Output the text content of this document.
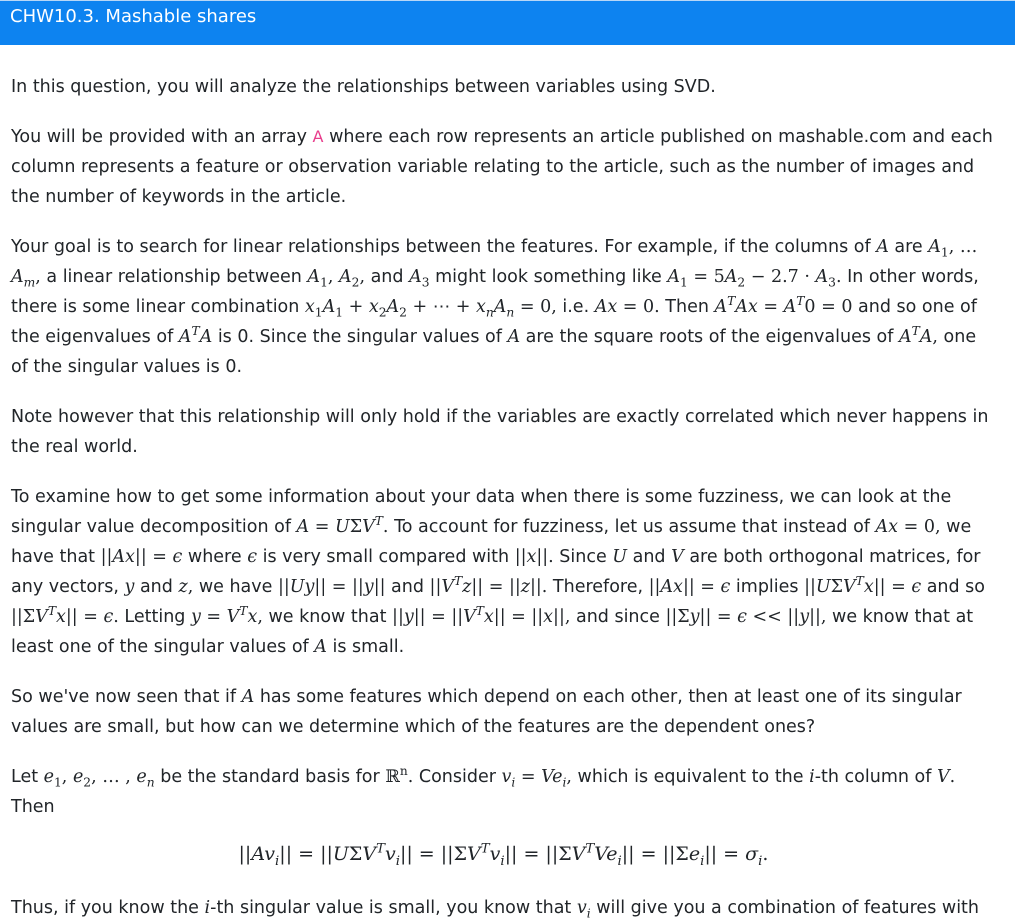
CHW10.3. Mashable shares
In this question, you will analyze the relationships between variables using SVD.
You will be provided with an array A where each row represents an article published on mashable.com and each column represents a feature or observation variable relating to the article, such as the number of images and the number of keywords in the article.
Your goal is to search for linear relationships between the features. For example, if the columns of A are $A_1$, … $A_m$, a linear relationship between $A_1$, $A_2$, and $A_3$ might look something like $A_1 = 5A_2 - 2.7 \cdot A_3$. In other words, there is some linear combination $x_1A_1 + x_2A_2$ + ⋯ + $x_nA_n = 0$, i.e. Ax = 0. Then $A^TAx = A^T0 = 0$ and so one of the eigenvalues of $A^TA$ is 0. Since the singular values of A are the square roots of the eigenvalues of $A^TA$, one of the singular values is 0.
Note however that this relationship will only hold if the variables are exactly correlated which never happens in the real world.
To examine how to get some information about your data when there is some fuzziness, we can look at the singular value decomposition of $A = U\Sigma V^T$. To account for fuzziness, let us assume that instead of Ax = 0, we have that ||Ax|| = ϵ where ϵ is very small compared with ||x||. Since U and V are both orthogonal matrices, for any vectors, y and z, we have ||Uy|| = ||y|| and $||V^Tz|| = ||z||$. Therefore, ||Ax|| = ϵ implies $||U\Sigma V^Tx|| = \epsilon$ and so $||\Sigma V^Tx|| = \epsilon$. Letting $y = V^Tx$, we know that $||y|| = ||V^Tx|| = ||x||$, and since ||Σy|| = ϵ << ||y||, we know that at least one of the singular values of A is small.
So we've now seen that if A has some features which depend on each other, then at least one of its singular values are small, but how can we determine which of the features are the dependent ones?
Let $e_1$, $e_2$, … , $e_n$ be the standard basis for ℝ$^n$. Consider $v_i = Ve_i$, which is equivalent to the i-th column of V. Then
$||Av_i|| = ||U\Sigma V^Tv_i|| = ||\Sigma V^Tv_i|| = ||\Sigma V^TVe_i|| = ||\Sigma e_i|| = \sigma_i$.
Thus, if you know the i-th singular value is small, you know that $v_i$ will give you a combination of features with
